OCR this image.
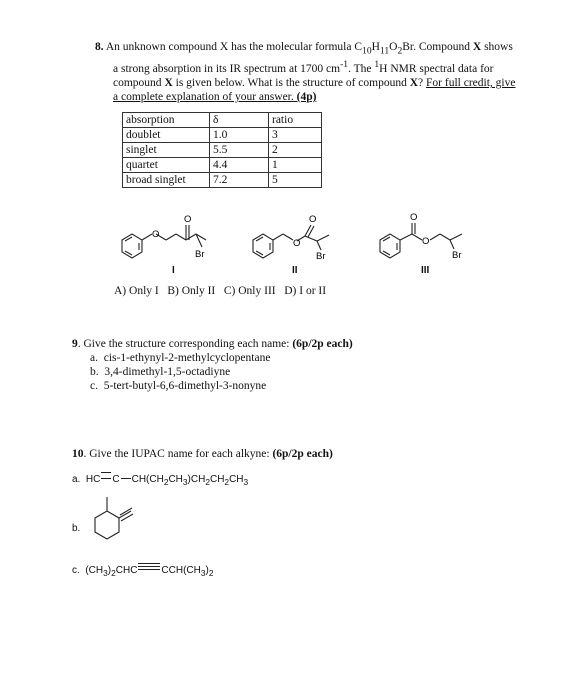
8. An unknown compound X has the molecular formula $C_{10}H_{11}O_2Br$. Compound X shows
a strong absorption in its IR spectrum at 1700 $cm^{-1}$. The $^1$H NMR spectral data for
compound X is given below. What is the structure of compound X? For full credit, give
a complete explanation of your answer. (4p)
absorption	δ	ratio
doublet	1.0	3
singlet	5.5	2
quartet	4.4	1
broad singlet	7.2	5
O
O
Br
I
O
O
Br
II
O
O
Br
III
A) Only I   B) Only II   C) Only III   D) I or II
9. Give the structure corresponding each name: (6p/2p each)
a. cis-1-ethynyl-2-methylcyclopentane
b. 3,4-dimethyl-1,5-octadiyne
c. 5-tert-butyl-6,6-dimethyl-3-nonyne
10. Give the IUPAC name for each alkyne: (6p/2p each)
a. HC C $CH(CH_2CH_3)CH_2CH_2CH_3$
b.
c. $(CH_3)_2CHC$ $CCH(CH_3)_2$
